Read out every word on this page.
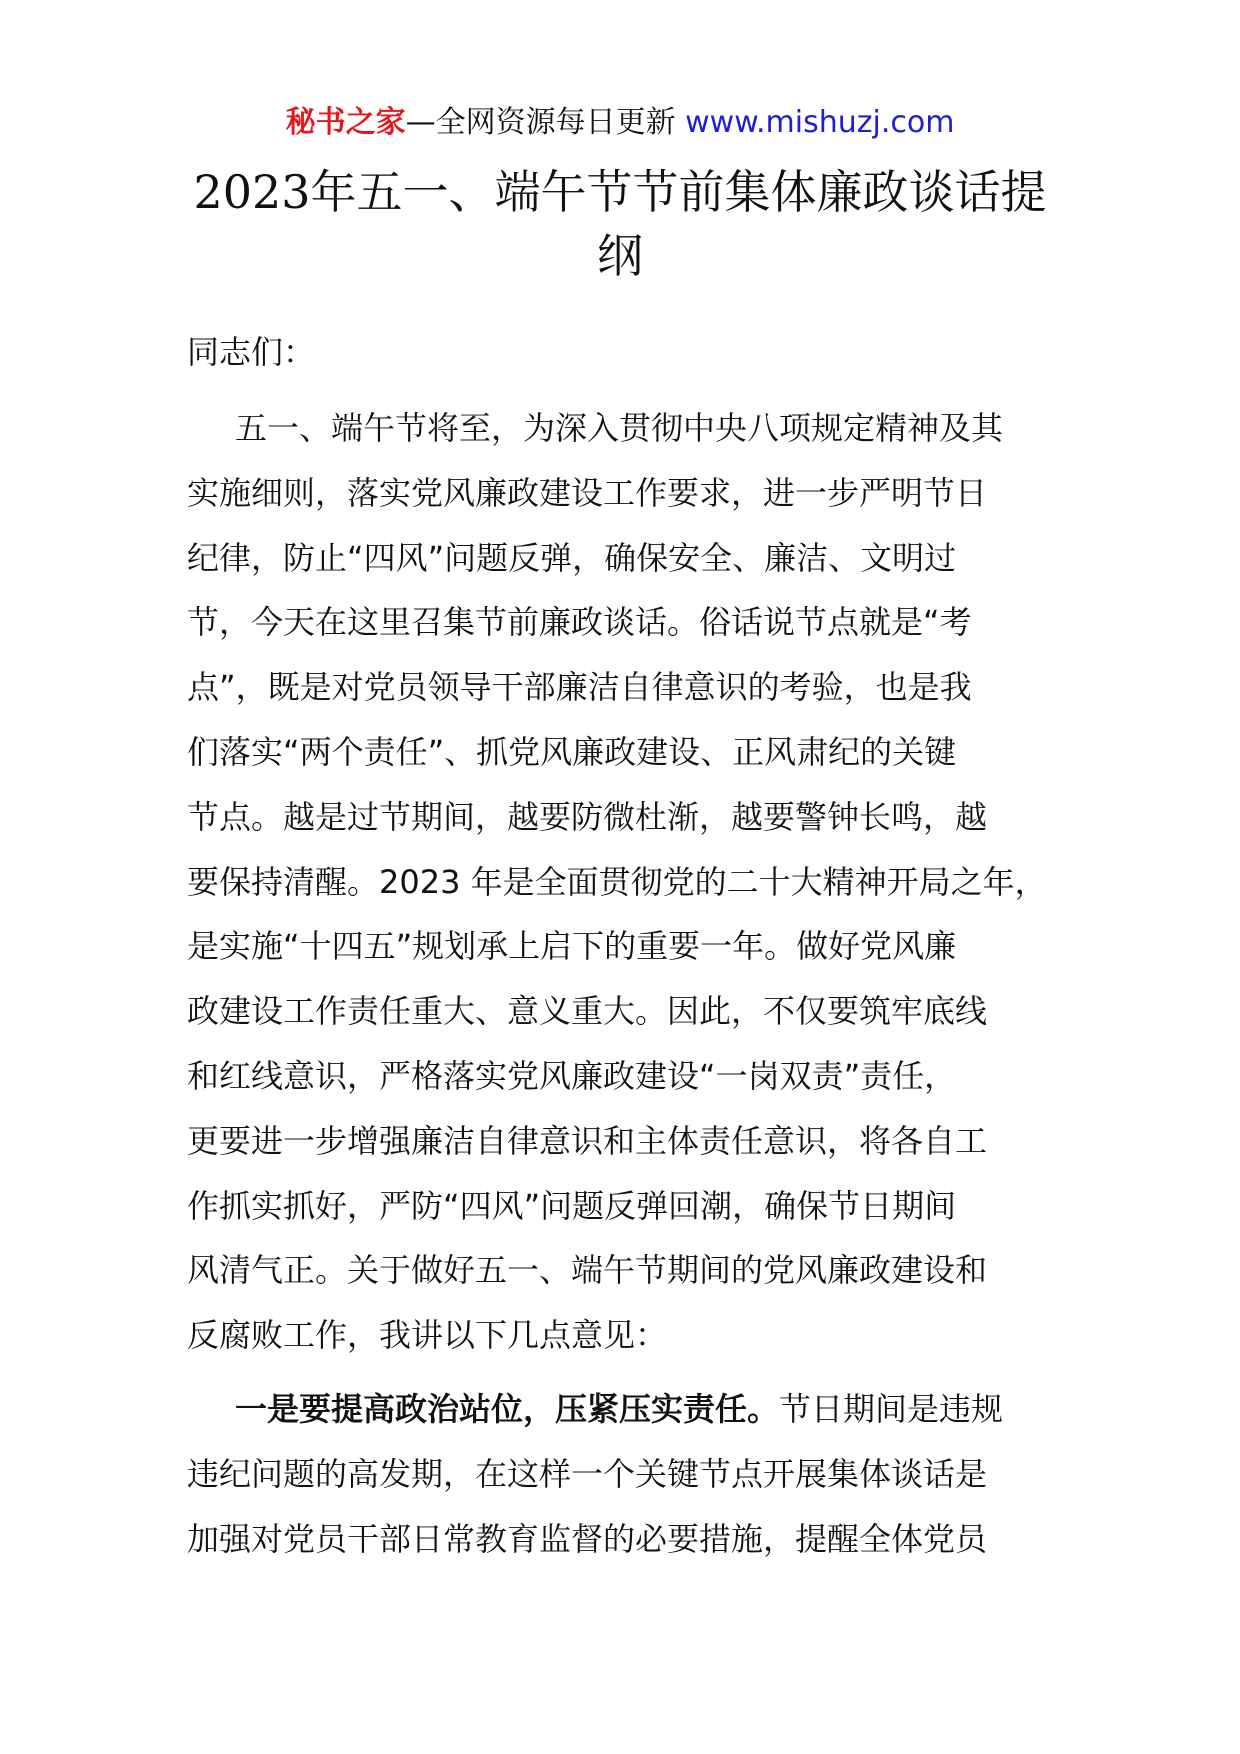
秘书之家—全网资源每日更新 www.mishuzj.com
2023年五一、端午节节前集体廉政谈话提
纲

同志们：

五一、端午节将至，为深入贯彻中央八项规定精神及其
实施细则，落实党风廉政建设工作要求，进一步严明节日
纪律，防止“四风”问题反弹，确保安全、廉洁、文明过
节，今天在这里召集节前廉政谈话。俗话说节点就是“考
点”，既是对党员领导干部廉洁自律意识的考验，也是我
们落实“两个责任”、抓党风廉政建设、正风肃纪的关键
节点。越是过节期间，越要防微杜渐，越要警钟长鸣，越
要保持清醒。2023 年是全面贯彻党的二十大精神开局之年，
是实施“十四五”规划承上启下的重要一年。做好党风廉
政建设工作责任重大、意义重大。因此，不仅要筑牢底线
和红线意识，严格落实党风廉政建设“一岗双责”责任，
更要进一步增强廉洁自律意识和主体责任意识，将各自工
作抓实抓好，严防“四风”问题反弹回潮，确保节日期间
风清气正。关于做好五一、端午节期间的党风廉政建设和
反腐败工作，我讲以下几点意见：

一是要提高政治站位，压紧压实责任。节日期间是违规
违纪问题的高发期，在这样一个关键节点开展集体谈话是
加强对党员干部日常教育监督的必要措施，提醒全体党员
